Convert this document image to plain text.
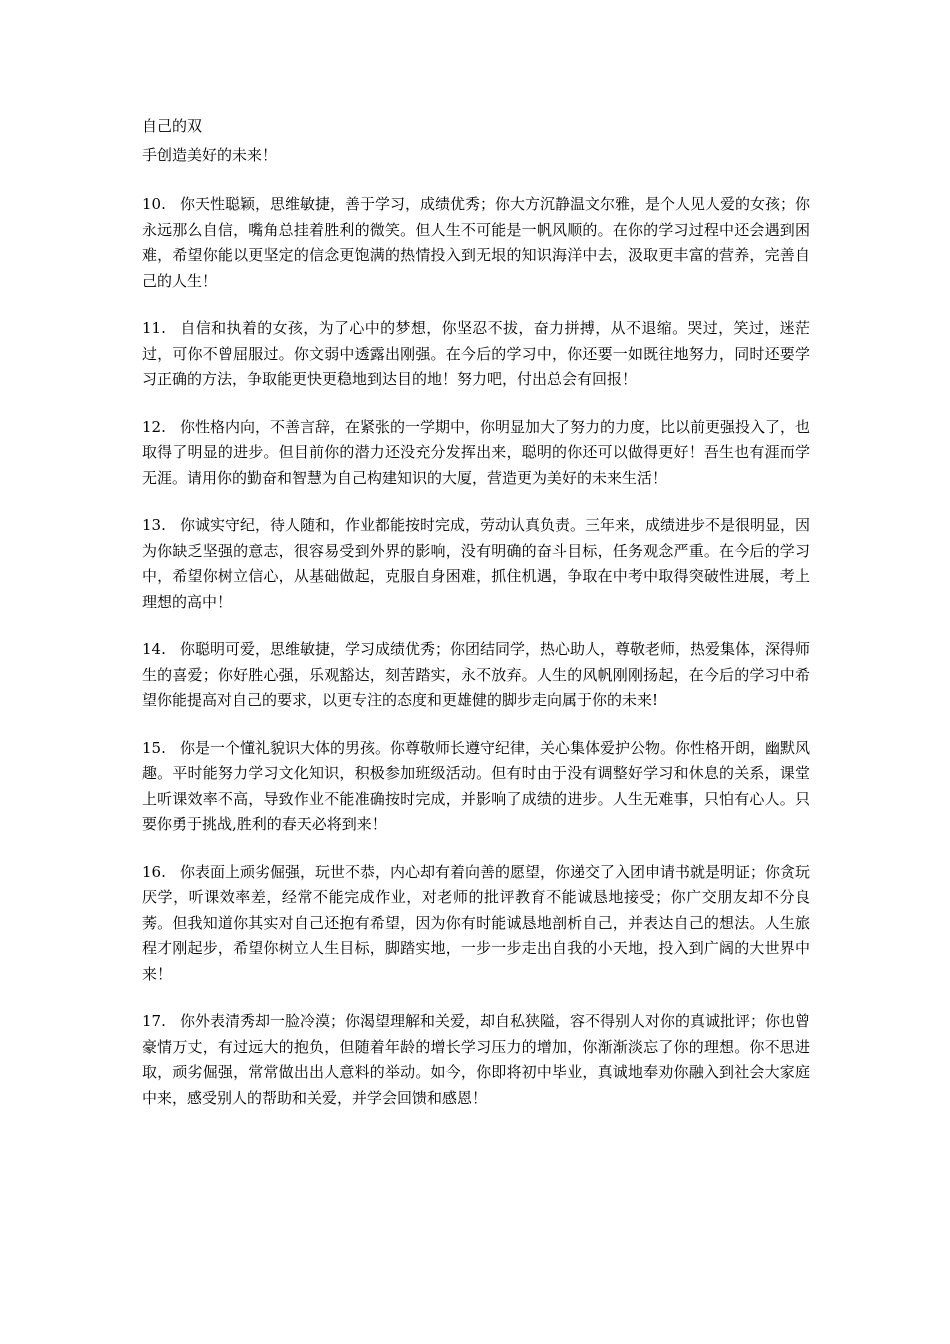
自己的双

手创造美好的未来！

10. 你天性聪颖，思维敏捷，善于学习，成绩优秀；你大方沉静温文尔雅，是个人见人爱的女孩；你永远那么自信，嘴角总挂着胜利的微笑。但人生不可能是一帆风顺的。在你的学习过程中还会遇到困难，希望你能以更坚定的信念更饱满的热情投入到无垠的知识海洋中去，汲取更丰富的营养，完善自己的人生！

11. 自信和执着的女孩，为了心中的梦想，你坚忍不拔，奋力拼搏，从不退缩。哭过，笑过，迷茫过，可你不曾屈服过。你文弱中透露出刚强。在今后的学习中，你还要一如既往地努力，同时还要学习正确的方法，争取能更快更稳地到达目的地！努力吧，付出总会有回报！

12. 你性格内向，不善言辞，在紧张的一学期中，你明显加大了努力的力度，比以前更强投入了，也取得了明显的进步。但目前你的潜力还没充分发挥出来，聪明的你还可以做得更好！吾生也有涯而学无涯。请用你的勤奋和智慧为自己构建知识的大厦，营造更为美好的未来生活！

13. 你诚实守纪，待人随和，作业都能按时完成，劳动认真负责。三年来，成绩进步不是很明显，因为你缺乏坚强的意志，很容易受到外界的影响，没有明确的奋斗目标，任务观念严重。在今后的学习中，希望你树立信心，从基础做起，克服自身困难，抓住机遇，争取在中考中取得突破性进展，考上理想的高中！

14. 你聪明可爱，思维敏捷，学习成绩优秀；你团结同学，热心助人，尊敬老师，热爱集体，深得师生的喜爱；你好胜心强，乐观豁达，刻苦踏实，永不放弃。人生的风帆刚刚扬起，在今后的学习中希望你能提高对自己的要求，以更专注的态度和更雄健的脚步走向属于你的未来!

15. 你是一个懂礼貌识大体的男孩。你尊敬师长遵守纪律，关心集体爱护公物。你性格开朗，幽默风趣。平时能努力学习文化知识，积极参加班级活动。但有时由于没有调整好学习和休息的关系，课堂上听课效率不高，导致作业不能准确按时完成，并影响了成绩的进步。人生无难事，只怕有心人。只要你勇于挑战,胜利的春天必将到来！

16. 你表面上顽劣倔强，玩世不恭，内心却有着向善的愿望，你递交了入团申请书就是明证；你贪玩厌学，听课效率差，经常不能完成作业，对老师的批评教育不能诚恳地接受；你广交朋友却不分良莠。但我知道你其实对自己还抱有希望，因为你有时能诚恳地剖析自己，并表达自己的想法。人生旅程才刚起步，希望你树立人生目标，脚踏实地，一步一步走出自我的小天地，投入到广阔的大世界中来！

17. 你外表清秀却一脸冷漠；你渴望理解和关爱，却自私狭隘，容不得别人对你的真诚批评；你也曾豪情万丈，有过远大的抱负，但随着年龄的增长学习压力的增加，你渐渐淡忘了你的理想。你不思进取，顽劣倔强，常常做出出人意料的举动。如今，你即将初中毕业，真诚地奉劝你融入到社会大家庭中来，感受别人的帮助和关爱，并学会回馈和感恩！
